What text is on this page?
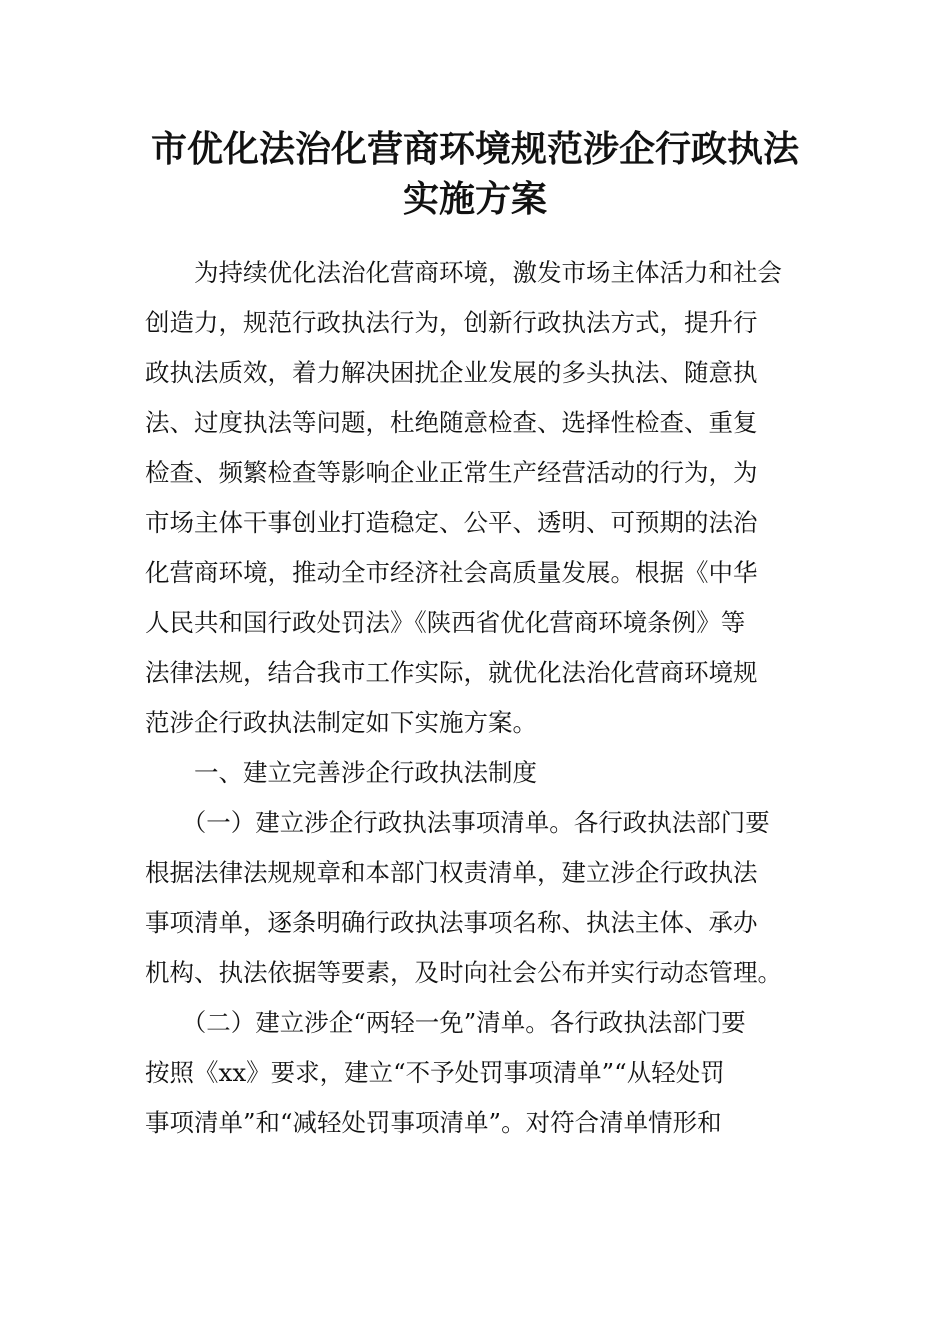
市优化法治化营商环境规范涉企行政执法
实施方案
　　为持续优化法治化营商环境，激发市场主体活力和社会
创造力，规范行政执法行为，创新行政执法方式，提升行
政执法质效，着力解决困扰企业发展的多头执法、随意执
法、过度执法等问题，杜绝随意检查、选择性检查、重复
检查、频繁检查等影响企业正常生产经营活动的行为，为
市场主体干事创业打造稳定、公平、透明、可预期的法治
化营商环境，推动全市经济社会高质量发展。根据《中华
人民共和国行政处罚法》《陕西省优化营商环境条例》等
法律法规，结合我市工作实际，就优化法治化营商环境规
范涉企行政执法制定如下实施方案。
　　一、建立完善涉企行政执法制度
　　（一）建立涉企行政执法事项清单。各行政执法部门要
根据法律法规规章和本部门权责清单，建立涉企行政执法
事项清单，逐条明确行政执法事项名称、执法主体、承办
机构、执法依据等要素，及时向社会公布并实行动态管理。
　　（二）建立涉企“两轻一免”清单。各行政执法部门要
按照《xx》要求，建立“不予处罚事项清单”“从轻处罚
事项清单”和“减轻处罚事项清单”。对符合清单情形和
